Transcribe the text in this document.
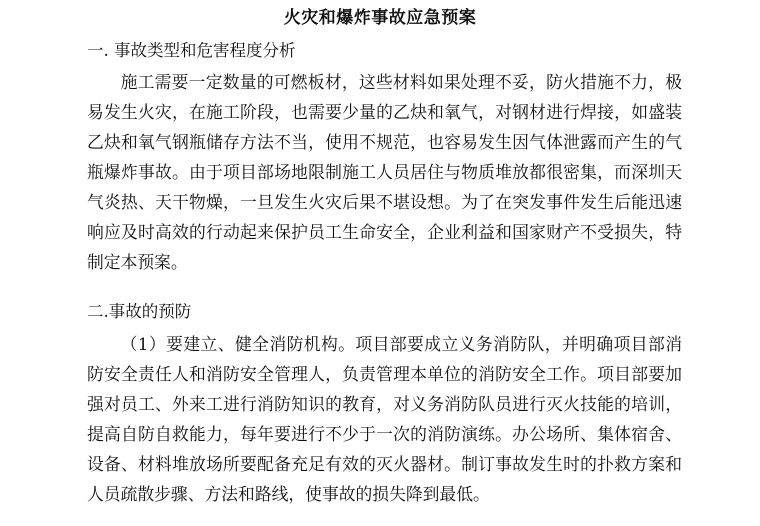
火灾和爆炸事故应急预案
一. 事故类型和危害程度分析

施工需要一定数量的可燃板材，这些材料如果处理不妥，防火措施不力，极易发生火灾，在施工阶段，也需要少量的乙炔和氧气，对钢材进行焊接，如盛装乙炔和氧气钢瓶储存方法不当，使用不规范，也容易发生因气体泄露而产生的气瓶爆炸事故。由于项目部场地限制施工人员居住与物质堆放都很密集，而深圳天气炎热、天干物燥，一旦发生火灾后果不堪设想。为了在突发事件发生后能迅速响应及时高效的行动起来保护员工生命安全，企业利益和国家财产不受损失，特制定本预案。

二.事故的预防

（1）要建立、健全消防机构。项目部要成立义务消防队，并明确项目部消防安全责任人和消防安全管理人，负责管理本单位的消防安全工作。项目部要加强对员工、外来工进行消防知识的教育，对义务消防队员进行灭火技能的培训，提高自防自救能力，每年要进行不少于一次的消防演练。办公场所、集体宿舍、设备、材料堆放场所要配备充足有效的灭火器材。制订事故发生时的扑救方案和人员疏散步骤、方法和路线，使事故的损失降到最低。
